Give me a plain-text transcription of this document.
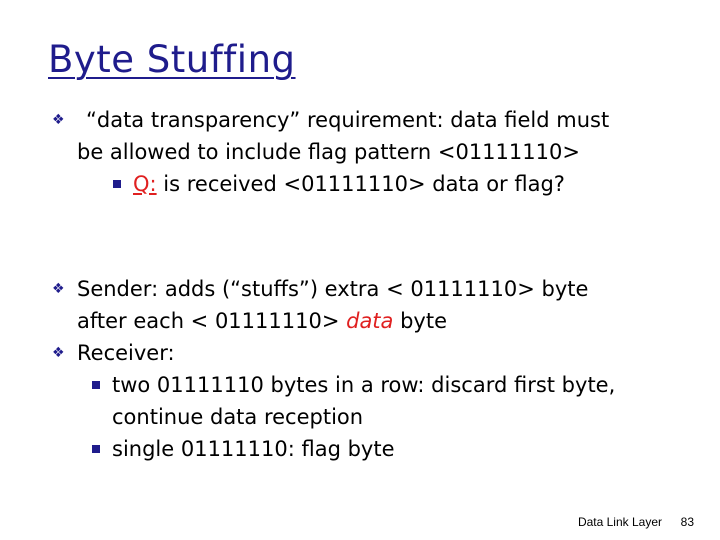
Byte Stuffing
❖	“data transparency” requirement: data field must
be allowed to include flag pattern <01111110>
Q: is received <01111110> data or flag?
❖ Sender: adds (“stuffs”) extra < 01111110> byte
after each < 01111110> data byte
❖ Receiver:
two 01111110 bytes in a row: discard first byte,
continue data reception
single 01111110: flag byte
Data Link Layer 83
